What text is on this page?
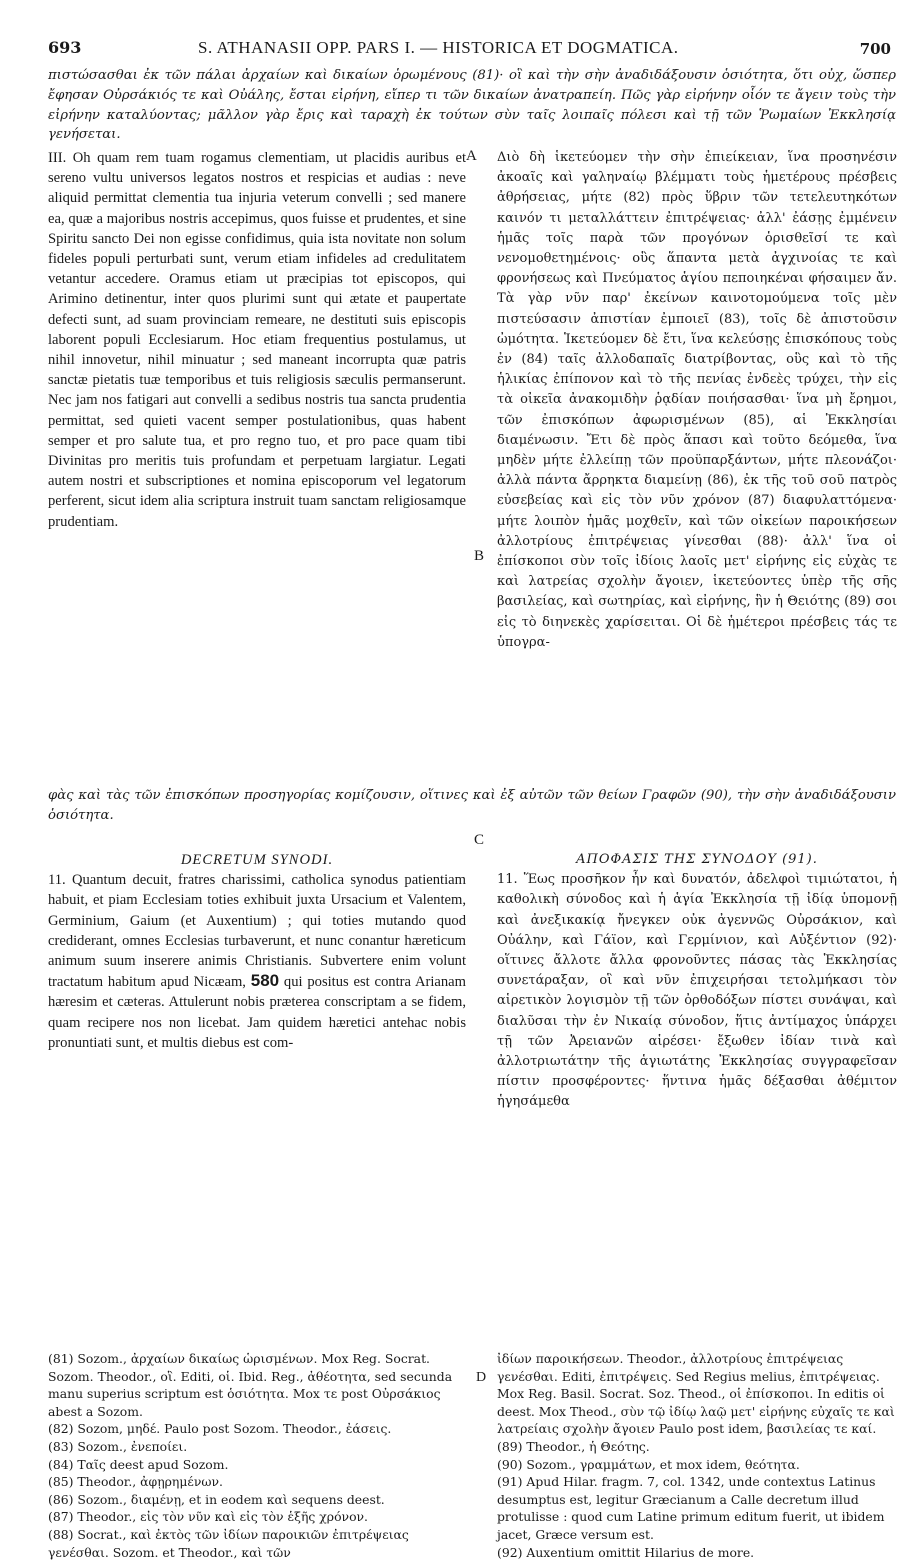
693	S. ATHANASII OPP. PARS I. — HISTORICA ET DOGMATICA.	700
πιστώσασθαι ἐκ τῶν πάλαι ἀρχαίων καὶ δικαίων ὁρωμένους (81)· οἳ καὶ τὴν σὴν ἀναδιδάξουσιν ὁσιότητα, ὅτι οὐχ, ὥσπερ ἔφησαν Οὐρσάκιός τε καὶ Οὐάλης, ἔσται εἰρήνη, εἴπερ τι τῶν δικαίων ἀνατραπείη. Πῶς γὰρ εἰρήνην οἷόν τε ἄγειν τοὺς τὴν εἰρήνην καταλύοντας; μᾶλλον γὰρ ἔρις καὶ ταραχὴ ἐκ τούτων σὺν ταῖς λοιπαῖς πόλεσι καὶ τῇ τῶν Ῥωμαίων Ἐκκλησίᾳ γενήσεται.
III. Oh quam rem tuam rogamus clementiam, ut placidis auribus et sereno vultu universos legatos nostros et respicias et audias : neve aliquid permittat clementia tua injuria veterum convelli ; sed manere ea, quæ a majoribus nostris accepimus, quos fuisse et prudentes, et sine Spiritu sancto Dei non egisse confidimus, quia ista novitate non solum fideles populi perturbati sunt, verum etiam infideles ad credulitatem vetantur accedere. Oramus etiam ut præcipias tot episcopos, qui Arimino detinentur, inter quos plurimi sunt qui ætate et paupertate defecti sunt, ad suam provinciam remeare, ne destituti suis episcopis laborent populi Ecclesiarum. Hoc etiam frequentius postulamus, ut nihil innovetur, nihil minuatur ; sed maneant incorrupta quæ patris sanctæ pietatis tuæ temporibus et tuis religiosis sæculis permanserunt. Nec jam nos fatigari aut convelli a sedibus nostris tua sancta prudentia permittat, sed quieti vacent semper postulationibus, quas habent semper et pro salute tua, et pro regno tuo, et pro pace quam tibi Divinitas pro meritis tuis profundam et perpetuam largiatur. Legati autem nostri et subscriptiones et nomina episcoporum vel legatorum perferent, sicut idem alia scriptura instruit tuam sanctam religiosamque prudentiam.
Διὸ δὴ ἱκετεύομεν τὴν σὴν ἐπιείκειαν, ἵνα προσηνέσιν ἀκοαῖς καὶ γαληναίῳ βλέμματι τοὺς ἡμετέρους πρέσβεις ἀθρήσειας, μήτε (82) πρὸς ὕβριν τῶν τετελευτηκότων καινόν τι μεταλλάττειν ἐπιτρέψειας· ἀλλ' ἐάσῃς ἐμμένειν ἡμᾶς τοῖς παρὰ τῶν προγόνων ὁρισθεῖσί τε καὶ νενομοθετημένοις· οὓς ἅπαντα μετὰ ἀγχινοίας τε καὶ φρονήσεως καὶ Πνεύματος ἁγίου πεποιηκέναι φήσαιμεν ἄν. Τὰ γὰρ νῦν παρ' ἐκείνων καινοτομούμενα τοῖς μὲν πιστεύσασιν ἀπιστίαν ἐμποιεῖ (83), τοῖς δὲ ἀπιστοῦσιν ὠμότητα. Ἱκετεύομεν δὲ ἔτι, ἵνα κελεύσῃς ἐπισκόπους τοὺς ἐν (84) ταῖς ἀλλοδαπαῖς διατρίβοντας, οὓς καὶ τὸ τῆς ἡλικίας ἐπίπονον καὶ τὸ τῆς πενίας ἐνδεὲς τρύχει, τὴν εἰς τὰ οἰκεῖα ἀνακομιδὴν ῥᾳδίαν ποιήσασθαι· ἵνα μὴ ἔρημοι, τῶν ἐπισκόπων ἀφωρισμένων (85), αἱ Ἐκκλησίαι διαμένωσιν. Ἔτι δὲ πρὸς ἅπασι καὶ τοῦτο δεόμεθα, ἵνα μηδὲν μήτε ἐλλείπῃ τῶν προϋπαρξάντων, μήτε πλεονάζοι· ἀλλὰ πάντα ἄρρηκτα διαμείνῃ (86), ἐκ τῆς τοῦ σοῦ πατρὸς εὐσεβείας καὶ εἰς τὸν νῦν χρόνον (87) διαφυλαττόμενα· μήτε λοιπὸν ἡμᾶς μοχθεῖν, καὶ τῶν οἰκείων παροικήσεων ἀλλοτρίους ἐπιτρέψειας γίνεσθαι (88)· ἀλλ' ἵνα οἱ ἐπίσκοποι σὺν τοῖς ἰδίοις λαοῖς μετ' εἰρήνης εἰς εὐχὰς τε καὶ λατρείας σχολὴν ἄγοιεν, ἱκετεύοντες ὑπὲρ τῆς σῆς βασιλείας, καὶ σωτηρίας, καὶ εἰρήνης, ἣν ἡ Θειότης (89) σοι εἰς τὸ διηνεκὲς χαρίσειται. Οἱ δὲ ἡμέτεροι πρέσβεις τάς τε ὑπογρα-
A
B
C
D
φὰς καὶ τὰς τῶν ἐπισκόπων προσηγορίας κομίζουσιν, οἵτινες καὶ ἐξ αὐτῶν τῶν θείων Γραφῶν (90), τὴν σὴν ἀναδιδάξουσιν ὁσιότητα.
DECRETUM SYNODI.
11. Quantum decuit, fratres charissimi, catholica synodus patientiam habuit, et piam Ecclesiam toties exhibuit juxta Ursacium et Valentem, Germinium, Gaium (et Auxentium) ; qui toties mutando quod crediderant, omnes Ecclesias turbaverunt, et nunc conantur hæreticum animum suum inserere animis Christianis. Subvertere enim volunt tractatum habitum apud Nicæam, 580 qui positus est contra Arianam hæresim et cæteras. Attulerunt nobis præterea conscriptam a se fidem, quam recipere nos non licebat. Jam quidem hæretici antehac nobis pronuntiati sunt, et multis diebus est com-
ΑΠΟΦΑΣΙΣ ΤΗΣ ΣΥΝΟΔΟΥ (91).
11. Ἕως προσῆκον ἦν καὶ δυνατόν, ἀδελφοὶ τιμιώτατοι, ἡ καθολικὴ σύνοδος καὶ ἡ ἁγία Ἐκκλησία τῇ ἰδίᾳ ὑπομονῇ καὶ ἀνεξικακίᾳ ἤνεγκεν οὐκ ἀγεννῶς Οὐρσάκιον, καὶ Οὐάλην, καὶ Γάϊον, καὶ Γερμίνιον, καὶ Αὐξέντιον (92)· οἵτινες ἄλλοτε ἄλλα φρονοῦντες πάσας τὰς Ἐκκλησίας συνετάραξαν, οἳ καὶ νῦν ἐπιχειρήσαι τετολμήκασι τὸν αἱρετικὸν λογισμὸν τῇ τῶν ὀρθοδόξων πίστει συνάψαι, καὶ διαλῦσαι τὴν ἐν Νικαίᾳ σύνοδον, ἥτις ἀντίμαχος ὑπάρχει τῇ τῶν Ἀρειανῶν αἱρέσει· ἔξωθεν ἰδίαν τινὰ καὶ ἀλλοτριωτάτην τῆς ἁγιωτάτης Ἐκκλησίας συγγραφεῖσαν πίστιν προσφέροντες· ἥντινα ἡμᾶς δέξασθαι ἀθέμιτον ἡγησάμεθα
(81) Sozom., ἀρχαίων δικαίως ὡρισμένων. Mox Reg. Socrat. Sozom. Theodor., οἳ. Editi, οἱ. Ibid. Reg., ἀθέοτητα, sed secunda manu superius scriptum est ὁσιότητα. Mox τε post Οὐρσάκιος abest a Sozom.
(82) Sozom, μηδέ. Paulo post Sozom. Theodor., ἐάσεις.
(83) Sozom., ἐνεποίει.
(84) Ταῖς deest apud Sozom.
(85) Theodor., ἀφῃρημένων.
(86) Sozom., διαμένῃ, et in eodem καὶ sequens deest.
(87) Theodor., εἰς τὸν νῦν καὶ εἰς τὸν ἑξῆς χρόνον.
(88) Socrat., καὶ ἐκτὸς τῶν ἰδίων παροικιῶν ἐπιτρέψειας γενέσθαι. Sozom. et Theodor., καὶ τῶν
ἰδίων παροικήσεων. Theodor., ἀλλοτρίους ἐπιτρέψειας γενέσθαι. Editi, ἐπιτρέψεις. Sed Regius melius, ἐπιτρέψειας. Mox Reg. Basil. Socrat. Soz. Theod., οἱ ἐπίσκοποι. In editis οἱ deest. Mox Theod., σὺν τῷ ἰδίῳ λαῷ μετ' εἰρήνης εὐχαῖς τε καὶ λατρείαις σχολὴν ἄγοιεν Paulo post idem, βασιλείας τε καί.
(89) Theodor., ἡ Θεότης.
(90) Sozom., γραμμάτων, et mox idem, θεότητα.
(91) Apud Hilar. fragm. 7, col. 1342, unde contextus Latinus desumptus est, legitur Græcianum a Calle decretum illud protulisse : quod cum Latine primum editum fuerit, ut ibidem jacet, Græce versum est.
(92) Auxentium omittit Hilarius de more.
